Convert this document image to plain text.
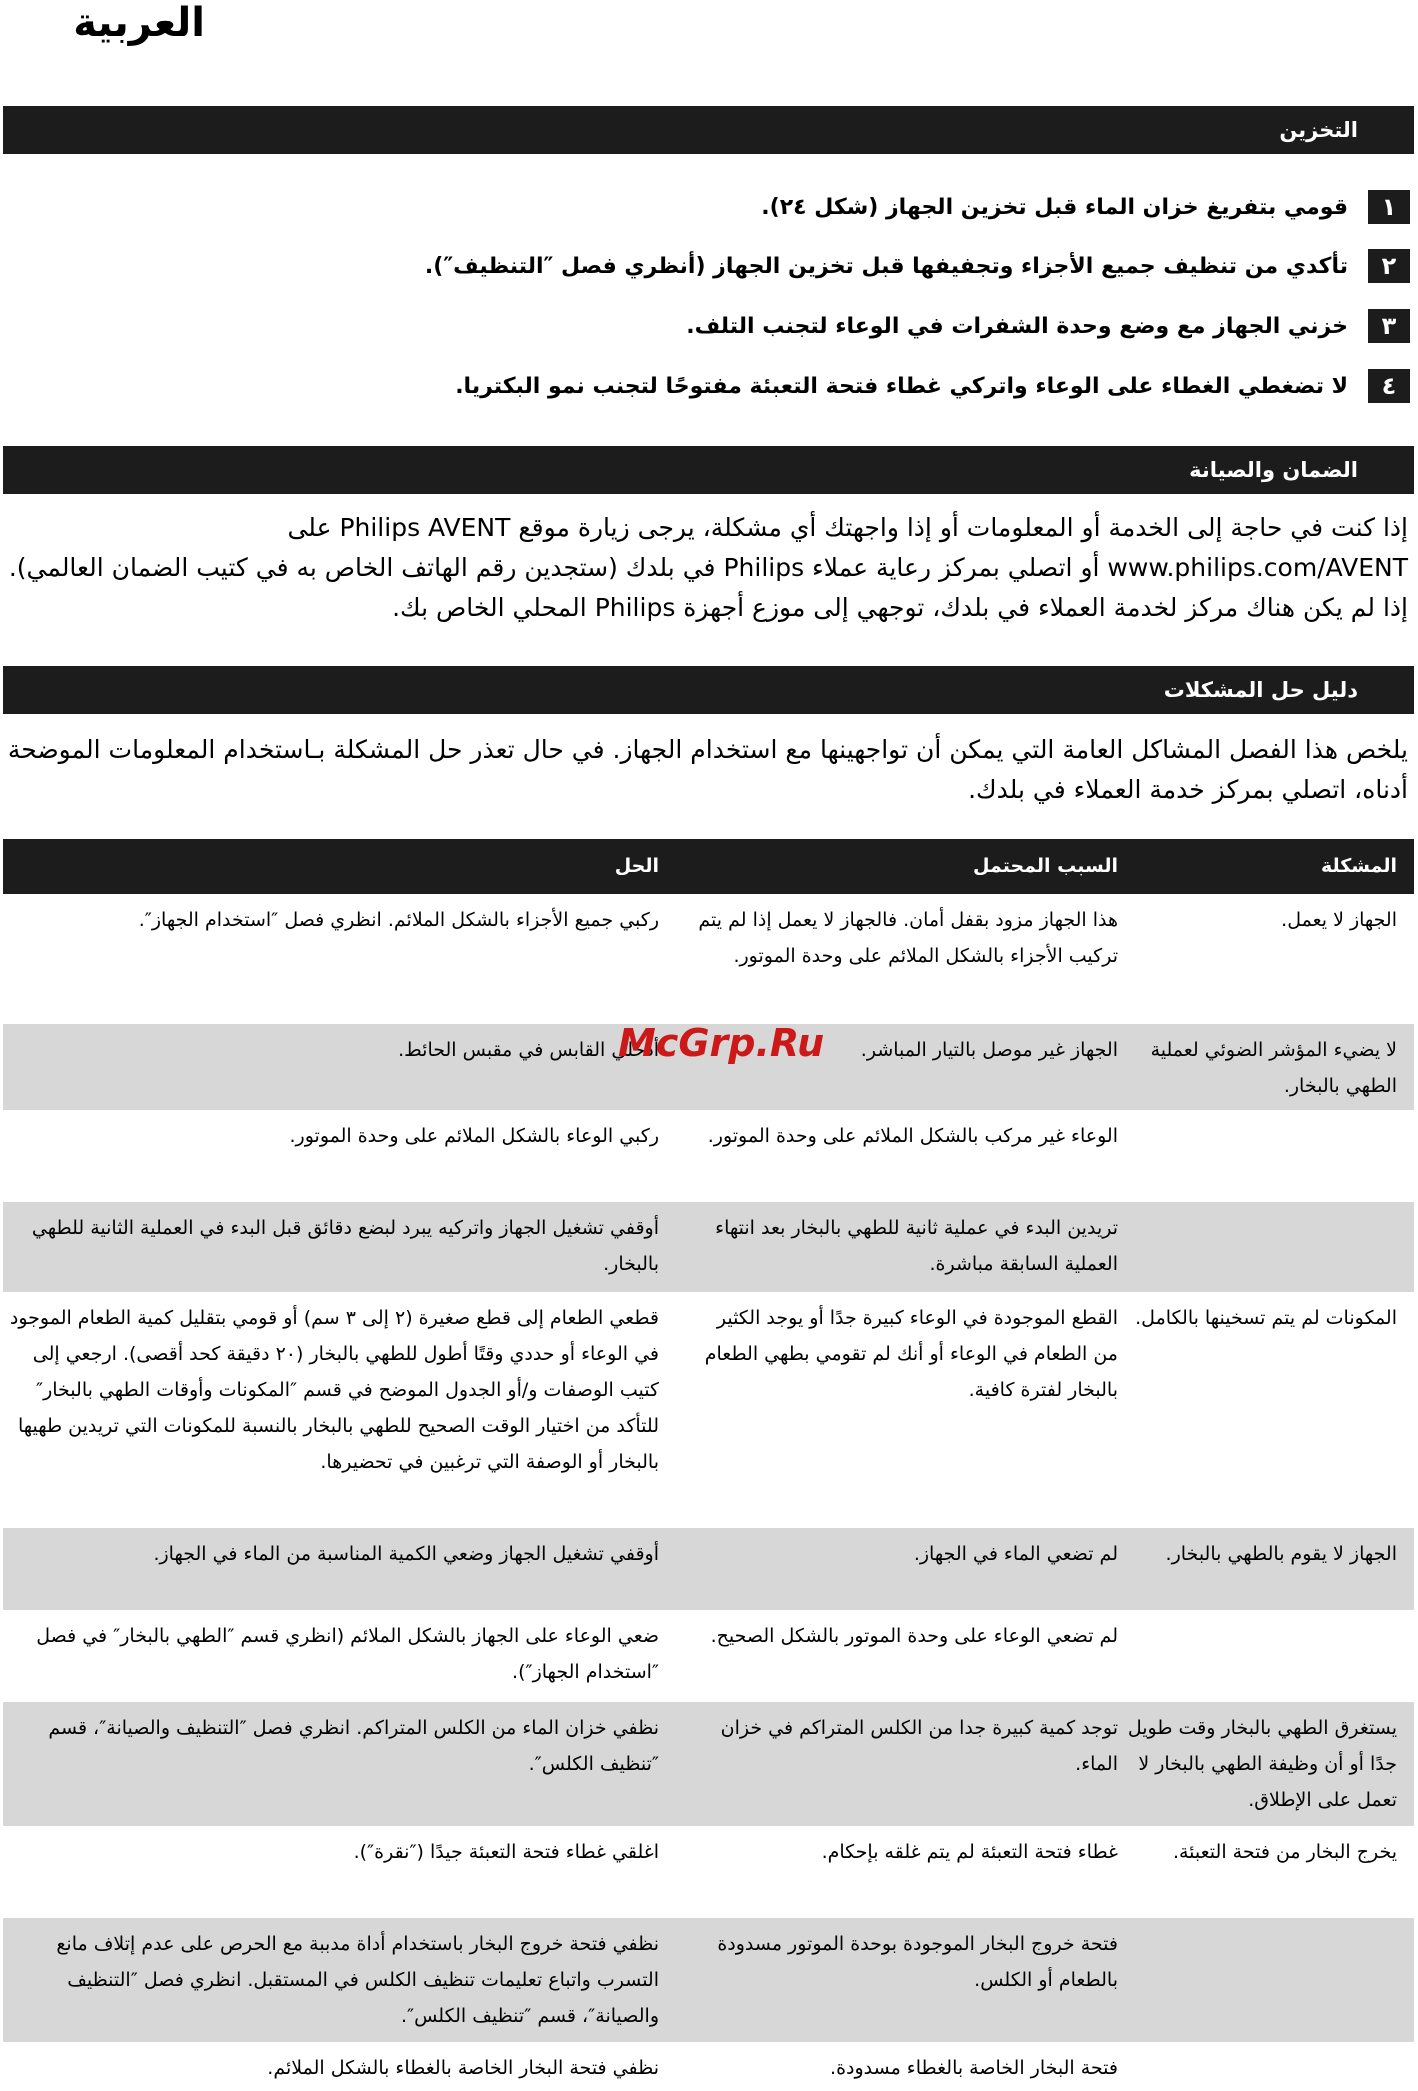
العربية
التخزين
١
قومي بتفريغ خزان الماء قبل تخزين الجهاز (شكل ٢٤).
٢
تأكدي من تنظيف جميع الأجزاء وتجفيفها قبل تخزين الجهاز (أنظري فصل ″التنظيف″).
٣
خزني الجهاز مع وضع وحدة الشفرات في الوعاء لتجنب التلف.
٤
لا تضغطي الغطاء على الوعاء واتركي غطاء فتحة التعبئة مفتوحًا لتجنب نمو البكتريا.
الضمان والصيانة
إذا كنت في حاجة إلى الخدمة أو المعلومات أو إذا واجهتك أي مشكلة، يرجى زيارة موقع Philips AVENT على
www.philips.com/AVENT أو اتصلي بمركز رعاية عملاء Philips في بلدك (ستجدين رقم الهاتف الخاص به في كتيب الضمان العالمي).
إذا لم يكن هناك مركز لخدمة العملاء في بلدك، توجهي إلى موزع أجهزة Philips المحلي الخاص بك.
دليل حل المشكلات
يلخص هذا الفصل المشاكل العامة التي يمكن أن تواجهينها مع استخدام الجهاز. في حال تعذر حل المشكلة بـاستخدام المعلومات الموضحة
أدناه، اتصلي بمركز خدمة العملاء في بلدك.
المشكلة
السبب المحتمل
الحل
الجهاز لا يعمل.
هذا الجهاز مزود بقفل أمان. فالجهاز لا يعمل إذا لم يتم تركيب الأجزاء بالشكل الملائم على وحدة الموتور.
ركبي جميع الأجزاء بالشكل الملائم. انظري فصل ″استخدام الجهاز″.
لا يضيء المؤشر الضوئي لعملية الطهي بالبخار.
الجهاز غير موصل بالتيار المباشر.
أدخلي القابس في مقبس الحائط.
الوعاء غير مركب بالشكل الملائم على وحدة الموتور.
ركبي الوعاء بالشكل الملائم على وحدة الموتور.
تريدين البدء في عملية ثانية للطهي بالبخار بعد انتهاء العملية السابقة مباشرة.
أوقفي تشغيل الجهاز واتركيه يبرد لبضع دقائق قبل البدء في العملية الثانية للطهي بالبخار.
المكونات لم يتم تسخينها بالكامل.
القطع الموجودة في الوعاء كبيرة جدًا أو يوجد الكثير من الطعام في الوعاء أو أنك لم تقومي بطهي الطعام بالبخار لفترة كافية.
قطعي الطعام إلى قطع صغيرة (٢ إلى ٣ سم) أو قومي بتقليل كمية الطعام الموجود في الوعاء أو حددي وقتًا أطول للطهي بالبخار (٢٠ دقيقة كحد أقصى). ارجعي إلى كتيب الوصفات و/أو الجدول الموضح في قسم ″المكونات وأوقات الطهي بالبخار″ للتأكد من اختيار الوقت الصحيح للطهي بالبخار بالنسبة للمكونات التي تريدين طهيها بالبخار أو الوصفة التي ترغبين في تحضيرها.
الجهاز لا يقوم بالطهي بالبخار.
لم تضعي الماء في الجهاز.
أوقفي تشغيل الجهاز وضعي الكمية المناسبة من الماء في الجهاز.
لم تضعي الوعاء على وحدة الموتور بالشكل الصحيح.
ضعي الوعاء على الجهاز بالشكل الملائم (انظري قسم ″الطهي بالبخار″ في فصل ″استخدام الجهاز″).
يستغرق الطهي بالبخار وقت طويل جدًا أو أن وظيفة الطهي بالبخار لا تعمل على الإطلاق.
توجد كمية كبيرة جدا من الكلس المتراكم في خزان الماء.
نظفي خزان الماء من الكلس المتراكم. انظري فصل ″التنظيف والصيانة″، قسم ″تنظيف الكلس″.
يخرج البخار من فتحة التعبئة.
غطاء فتحة التعبئة لم يتم غلقه بإحكام.
اغلقي غطاء فتحة التعبئة جيدًا (″نقرة″).
فتحة خروج البخار الموجودة بوحدة الموتور مسدودة بالطعام أو الكلس.
نظفي فتحة خروج البخار باستخدام أداة مدببة مع الحرص على عدم إتلاف مانع التسرب واتباع تعليمات تنظيف الكلس في المستقبل. انظري فصل ″التنظيف والصيانة″، قسم ″تنظيف الكلس″.
فتحة البخار الخاصة بالغطاء مسدودة.
نظفي فتحة البخار الخاصة بالغطاء بالشكل الملائم.
McGrp.Ru
